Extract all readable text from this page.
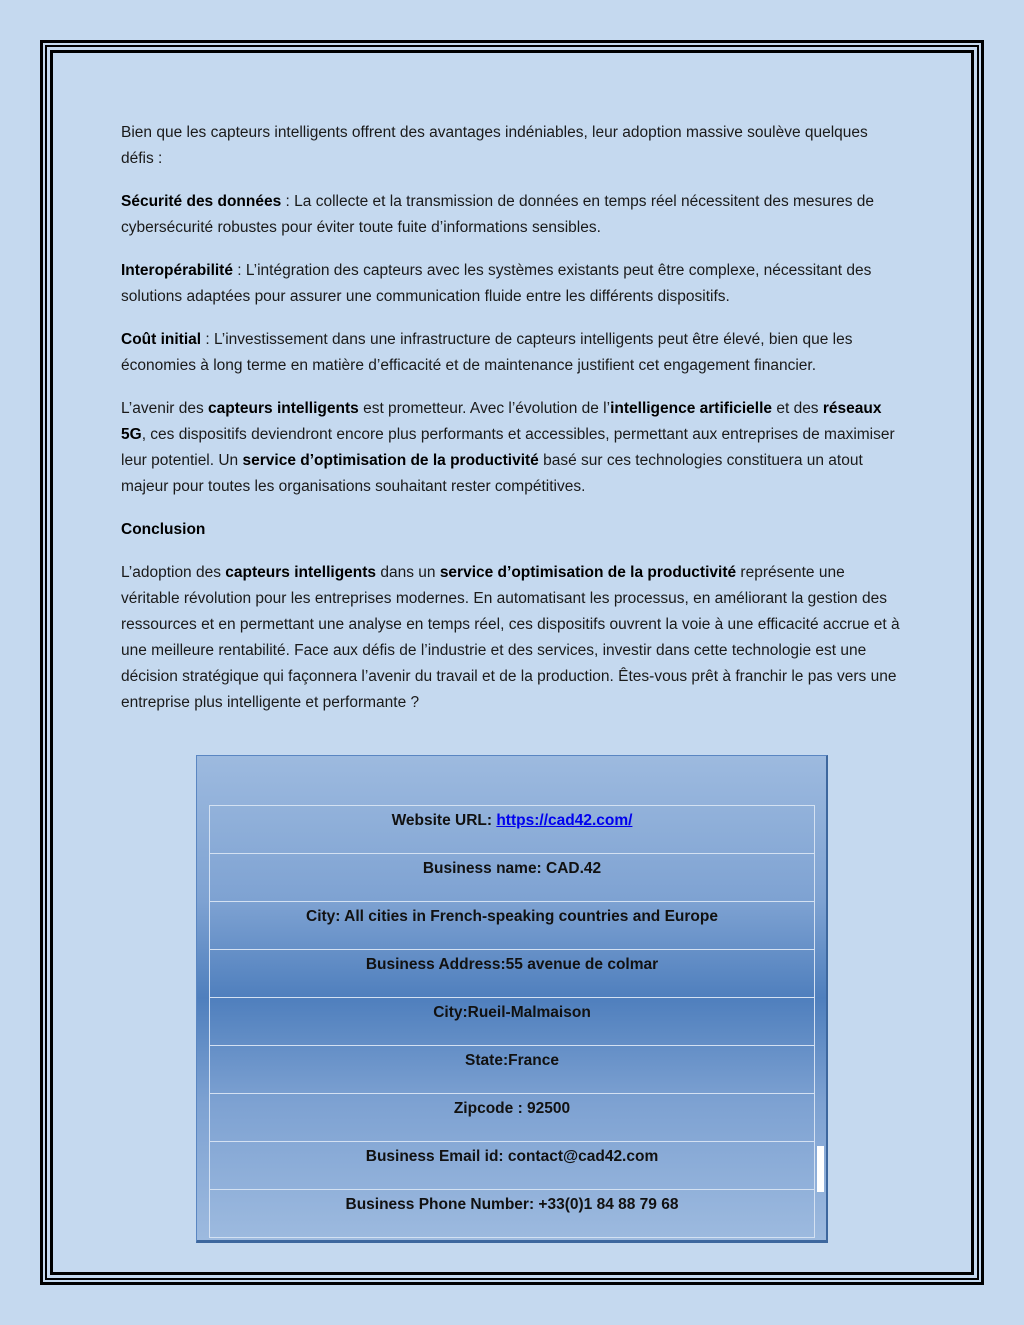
Bien que les capteurs intelligents offrent des avantages indéniables, leur adoption massive soulève quelques défis :

Sécurité des données : La collecte et la transmission de données en temps réel nécessitent des mesures de cybersécurité robustes pour éviter toute fuite d’informations sensibles.

Interopérabilité : L’intégration des capteurs avec les systèmes existants peut être complexe, nécessitant des solutions adaptées pour assurer une communication fluide entre les différents dispositifs.

Coût initial : L’investissement dans une infrastructure de capteurs intelligents peut être élevé, bien que les économies à long terme en matière d’efficacité et de maintenance justifient cet engagement financier.

L’avenir des capteurs intelligents est prometteur. Avec l’évolution de l’intelligence artificielle et des réseaux 5G, ces dispositifs deviendront encore plus performants et accessibles, permettant aux entreprises de maximiser leur potentiel. Un service d’optimisation de la productivité basé sur ces technologies constituera un atout majeur pour toutes les organisations souhaitant rester compétitives.

Conclusion

L’adoption des capteurs intelligents dans un service d’optimisation de la productivité représente une véritable révolution pour les entreprises modernes. En automatisant les processus, en améliorant la gestion des ressources et en permettant une analyse en temps réel, ces dispositifs ouvrent la voie à une efficacité accrue et à une meilleure rentabilité. Face aux défis de l’industrie et des services, investir dans cette technologie est une décision stratégique qui façonnera l’avenir du travail et de la production. Êtes-vous prêt à franchir le pas vers une entreprise plus intelligente et performante ?

Website URL: https://cad42.com/
Business name: CAD.42
City: All cities in French-speaking countries and Europe
Business Address:55 avenue de colmar
City:Rueil-Malmaison
State:France
Zipcode : 92500
Business Email id: contact@cad42.com
Business Phone Number: +33(0)1 84 88 79 68
